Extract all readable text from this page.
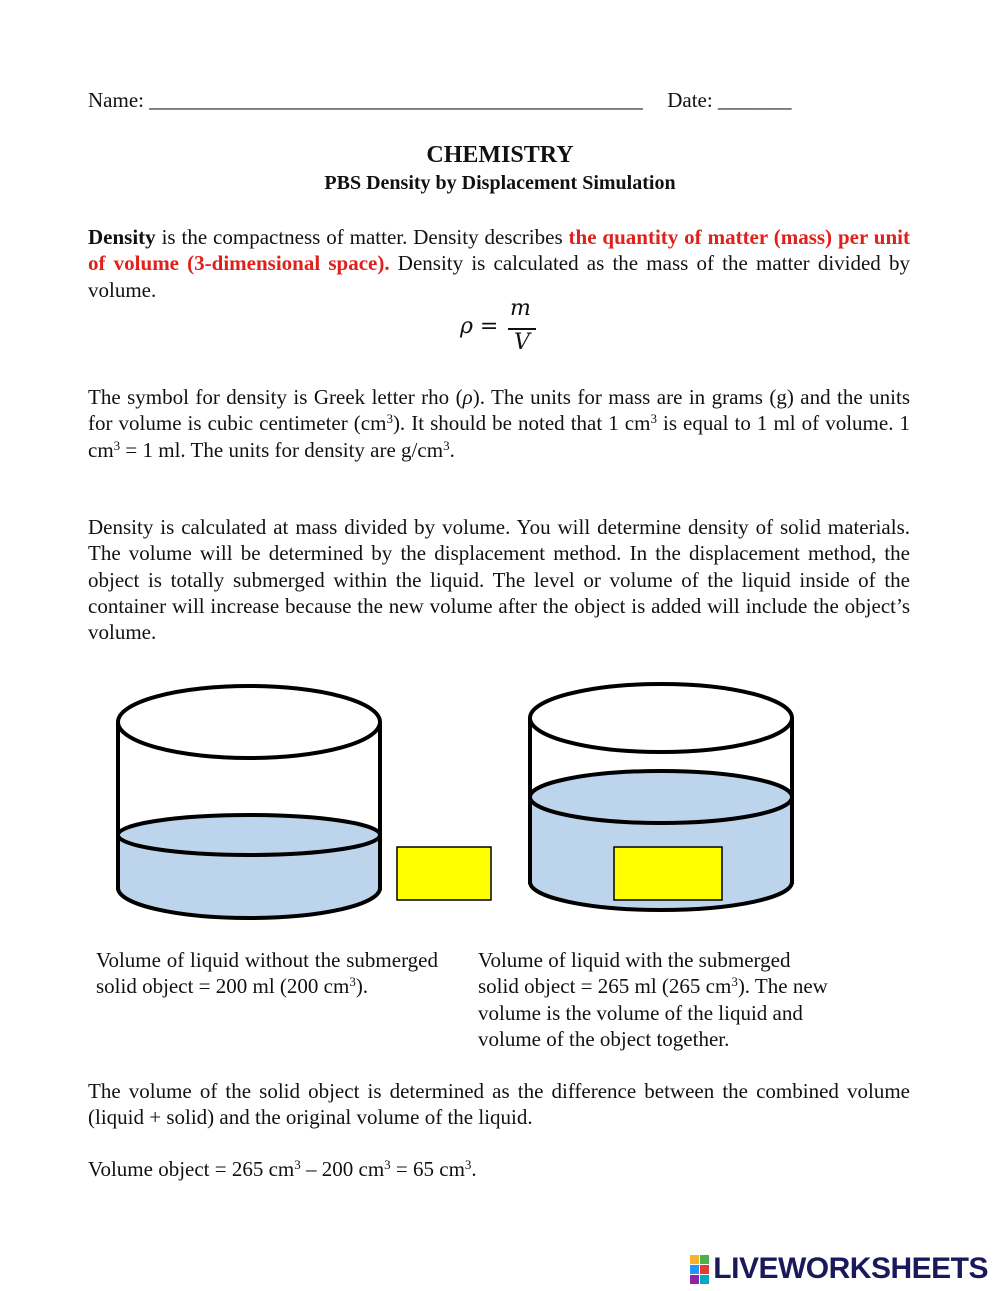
Name: _______________________________________________ Date: _______
CHEMISTRY
PBS Density by Displacement Simulation
Density is the compactness of matter. Density describes the quantity of matter (mass) per unit of volume (3-dimensional space). Density is calculated as the mass of the matter divided by volume.
ρ =
m
V
The symbol for density is Greek letter rho (ρ). The units for mass are in grams (g) and the units for volume is cubic centimeter $(cm^3)$. It should be noted that 1 $cm^3$ is equal to 1 ml of volume. 1 $cm^3 = 1$ ml. The units for density are $g/cm^3$.
Density is calculated at mass divided by volume. You will determine density of solid materials. The volume will be determined by the displacement method. In the displacement method, the object is totally submerged within the liquid. The level or volume of the liquid inside of the container will increase because the new volume after the object is added will include the object’s volume.
Volume of liquid without the submerged solid object = 200 ml (200 $cm^3$).
Volume of liquid with the submerged solid object = 265 ml (265 $cm^3$). The new volume is the volume of the liquid and volume of the object together.
The volume of the solid object is determined as the difference between the combined volume (liquid + solid) and the original volume of the liquid.
Volume object = 265 $cm^3 - 200$ $cm^3 = 65$ $cm^3$.
LIVEWORKSHEETS
